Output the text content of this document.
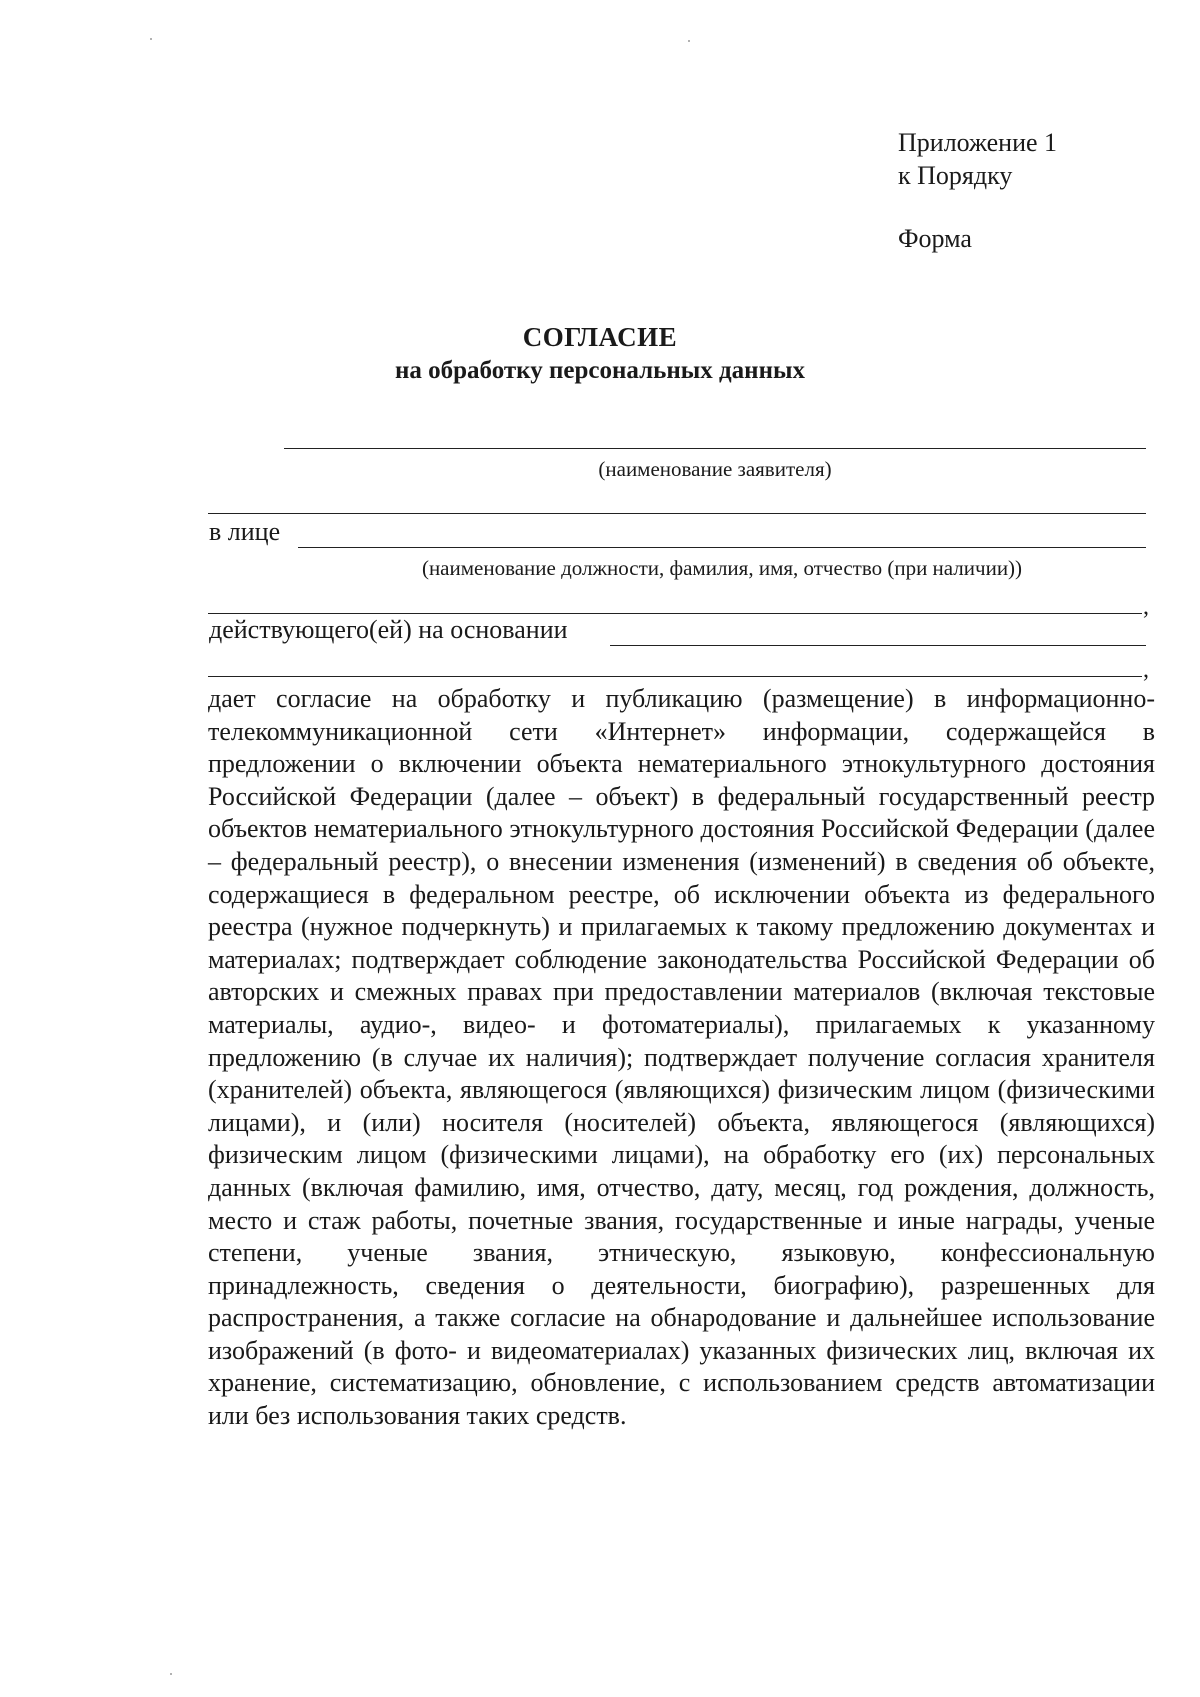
Приложение 1
к Порядку
Форма
СОГЛАСИЕ
на обработку персональных данных
(наименование заявителя)
в лице
(наименование должности, фамилия, имя, отчество (при наличии))
,
действующего(ей) на основании
,

дает согласие на обработку и публикацию (размещение) в информационно-телекоммуникационной сети «Интернет» информации, содержащейся в предложении о включении объекта нематериального этнокультурного достояния Российской Федерации (далее – объект) в федеральный государственный реестр объектов нематериального этнокультурного достояния Российской Федерации (далее – федеральный реестр), о внесении изменения (изменений) в сведения об объекте, содержащиеся в федеральном реестре, об исключении объекта из федерального реестра (нужное подчеркнуть) и прилагаемых к такому предложению документах и материалах; подтверждает соблюдение законодательства Российской Федерации об авторских и смежных правах при предоставлении материалов (включая текстовые материалы, аудио-, видео- и фотоматериалы), прилагаемых к указанному предложению (в случае их наличия); подтверждает получение согласия хранителя (хранителей) объекта, являющегося (являющихся) физическим лицом (физическими лицами), и (или) носителя (носителей) объекта, являющегося (являющихся) физическим лицом (физическими лицами), на обработку его (их) персональных данных (включая фамилию, имя, отчество, дату, месяц, год рождения, должность, место и стаж работы, почетные звания, государственные и иные награды, ученые степени, ученые звания, этническую, языковую, конфессиональную принадлежность, сведения о деятельности, биографию), разрешенных для распространения, а также согласие на обнародование и дальнейшее использование изображений (в фото- и видеоматериалах) указанных физических лиц, включая их хранение, систематизацию, обновление, с использованием средств автоматизации или без использования таких средств.
